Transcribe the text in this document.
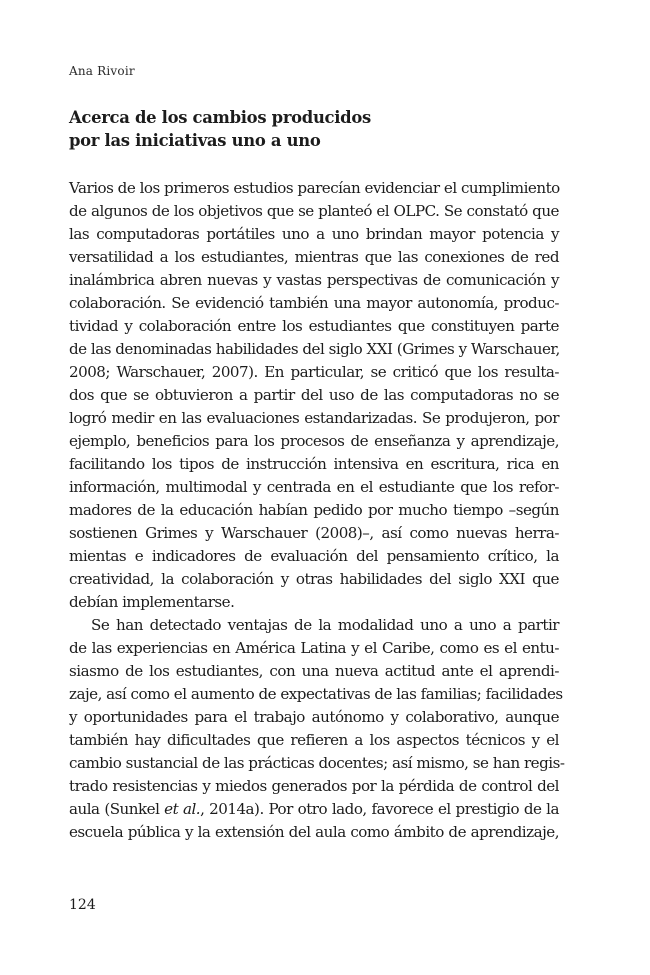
Ana Rivoir
Acerca de los cambios producidos
por las iniciativas uno a uno
Varios de los primeros estudios parecían evidenciar el cumplimiento
de algunos de los objetivos que se planteó el OLPC. Se constató que
las computadoras portátiles uno a uno brindan mayor potencia y
versatilidad a los estudiantes, mientras que las conexiones de red
inalámbrica abren nuevas y vastas perspectivas de comunicación y
colaboración. Se evidenció también una mayor autonomía, produc-
tividad y colaboración entre los estudiantes que constituyen parte
de las denominadas habilidades del siglo XXI (Grimes y Warschauer,
2008; Warschauer, 2007). En particular, se criticó que los resulta-
dos que se obtuvieron a partir del uso de las computadoras no se
logró medir en las evaluaciones estandarizadas. Se produjeron, por
ejemplo, beneficios para los procesos de enseñanza y aprendizaje,
facilitando los tipos de instrucción intensiva en escritura, rica en
información, multimodal y centrada en el estudiante que los refor-
madores de la educación habían pedido por mucho tiempo –según
sostienen Grimes y Warschauer (2008)–, así como nuevas herra-
mientas e indicadores de evaluación del pensamiento crítico, la
creatividad, la colaboración y otras habilidades del siglo XXI que
debían implementarse.
Se han detectado ventajas de la modalidad uno a uno a partir
de las experiencias en América Latina y el Caribe, como es el entu-
siasmo de los estudiantes, con una nueva actitud ante el aprendi-
zaje, así como el aumento de expectativas de las familias; facilidades
y oportunidades para el trabajo autónomo y colaborativo, aunque
también hay dificultades que refieren a los aspectos técnicos y el
cambio sustancial de las prácticas docentes; así mismo, se han regis-
trado resistencias y miedos generados por la pérdida de control del
aula (Sunkel et al., 2014a). Por otro lado, favorece el prestigio de la
escuela pública y la extensión del aula como ámbito de aprendizaje,
124
